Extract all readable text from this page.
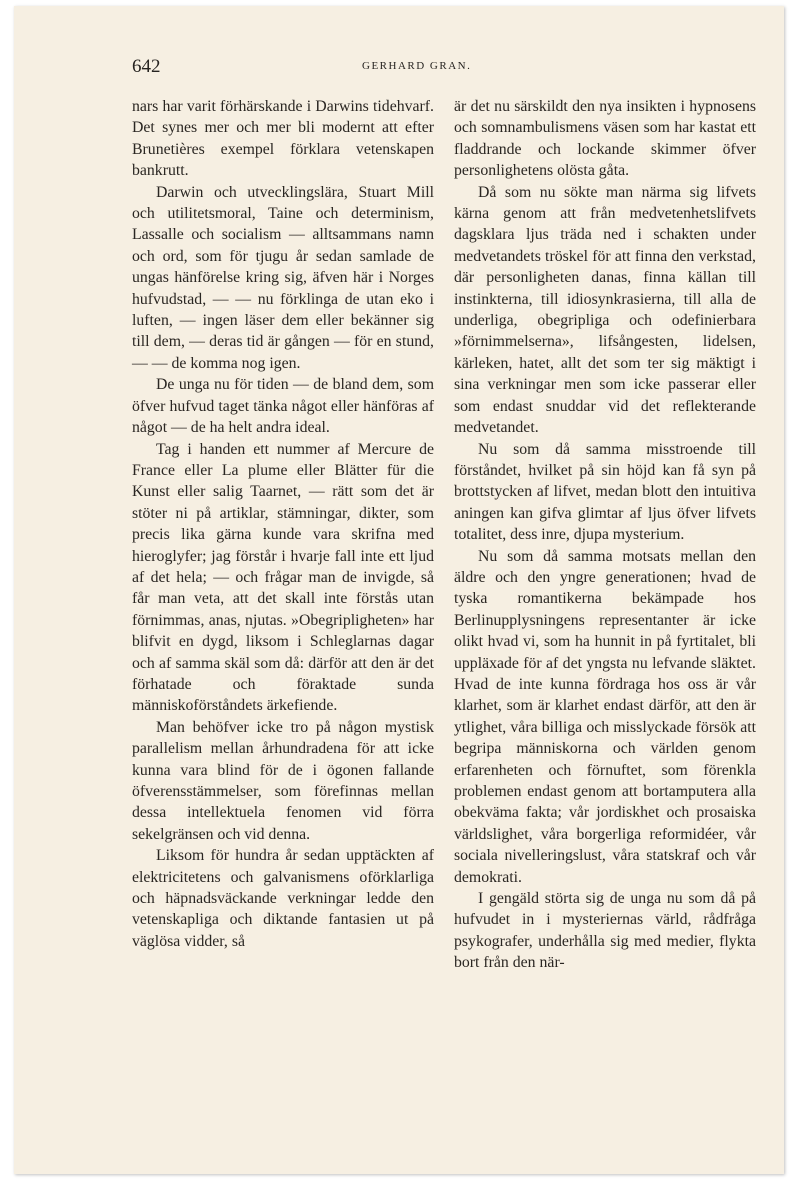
642	GERHARD GRAN.

nars har varit förhärskande i Darwins tidehvarf. Det synes mer och mer bli modernt att efter Brunetières exempel förklara vetenskapen bankrutt.

Darwin och utvecklingslära, Stuart Mill och utilitetsmoral, Taine och determinism, Lassalle och socialism — alltsammans namn och ord, som för tjugu år sedan samlade de ungas hänförelse kring sig, äfven här i Norges hufvudstad, — — nu förklinga de utan eko i luften, — ingen läser dem eller bekänner sig till dem, — deras tid är gången — för en stund, — — de komma nog igen.

De unga nu för tiden — de bland dem, som öfver hufvud taget tänka något eller hänföras af något — de ha helt andra ideal.

Tag i handen ett nummer af Mercure de France eller La plume eller Blätter für die Kunst eller salig Taarnet, — rätt som det är stöter ni på artiklar, stämningar, dikter, som precis lika gärna kunde vara skrifna med hieroglyfer; jag förstår i hvarje fall inte ett ljud af det hela; — och frågar man de invigde, så får man veta, att det skall inte förstås utan förnimmas, anas, njutas. »Obegripligheten» har blifvit en dygd, liksom i Schleglarnas dagar och af samma skäl som då: därför att den är det förhatade och föraktade sunda människoförståndets ärkefiende.

Man behöfver icke tro på någon mystisk parallelism mellan århundradena för att icke kunna vara blind för de i ögonen fallande öfverensstämmelser, som förefinnas mellan dessa intellektuela fenomen vid förra sekelgränsen och vid denna.

Liksom för hundra år sedan upptäckten af elektricitetens och galvanismens oförklarliga och häpnadsväckande verkningar ledde den vetenskapliga och diktande fantasien ut på väglösa vidder, så

är det nu särskildt den nya insikten i hypnosens och somnambulismens väsen som har kastat ett fladdrande och lockande skimmer öfver personlighetens olösta gåta.

Då som nu sökte man närma sig lifvets kärna genom att från medvetenhetslifvets dagsklara ljus träda ned i schakten under medvetandets tröskel för att finna den verkstad, där personligheten danas, finna källan till instinkterna, till idiosynkrasierna, till alla de underliga, obegripliga och odefinierbara »förnimmelserna», lifsångesten, lidelsen, kärleken, hatet, allt det som ter sig mäktigt i sina verkningar men som icke passerar eller som endast snuddar vid det reflekterande medvetandet.

Nu som då samma misstroende till förståndet, hvilket på sin höjd kan få syn på brottstycken af lifvet, medan blott den intuitiva aningen kan gifva glimtar af ljus öfver lifvets totalitet, dess inre, djupa mysterium.

Nu som då samma motsats mellan den äldre och den yngre generationen; hvad de tyska romantikerna bekämpade hos Berlinupplysningens representanter är icke olikt hvad vi, som ha hunnit in på fyrtitalet, bli uppläxade för af det yngsta nu lefvande släktet. Hvad de inte kunna fördraga hos oss är vår klarhet, som är klarhet endast därför, att den är ytlighet, våra billiga och misslyckade försök att begripa människorna och världen genom erfarenheten och förnuftet, som förenkla problemen endast genom att bortamputera alla obekväma fakta; vår jordiskhet och prosaiska världslighet, våra borgerliga reformidéer, vår sociala nivelleringslust, våra statskraf och vår demokrati.

I gengäld störta sig de unga nu som då på hufvudet in i mysteriernas värld, rådfråga psykografer, underhålla sig med medier, flykta bort från den när-
